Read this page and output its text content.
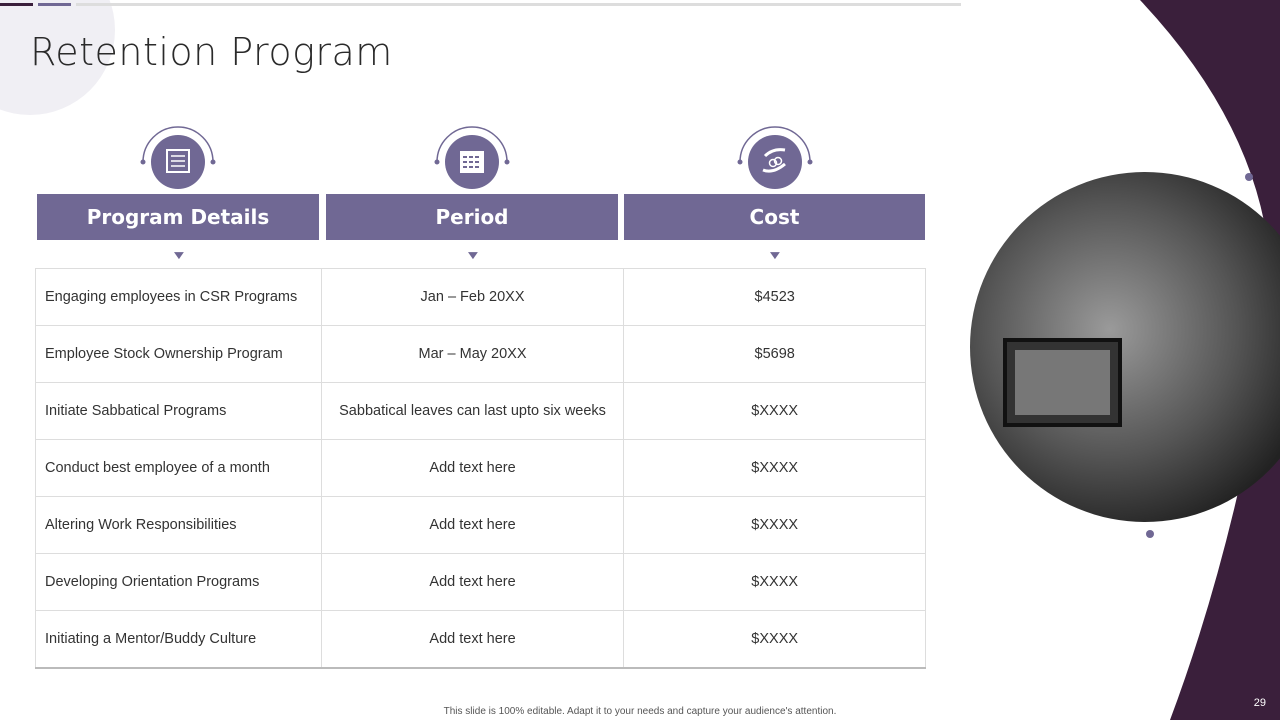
Retention Program
Program Details	Period	Cost
▼	▼	▼
Engaging employees in CSR Programs	Jan – Feb 20XX	$4523
Employee Stock Ownership Program	Mar – May 20XX	$5698
Initiate Sabbatical Programs	Sabbatical leaves can last upto six weeks	$XXXX
Conduct best employee of a month	Add text here	$XXXX
Altering Work Responsibilities	Add text here	$XXXX
Developing Orientation Programs	Add text here	$XXXX
Initiating a Mentor/Buddy Culture	Add text here	$XXXX
This slide is 100% editable. Adapt it to your needs and capture your audience's attention.
29
